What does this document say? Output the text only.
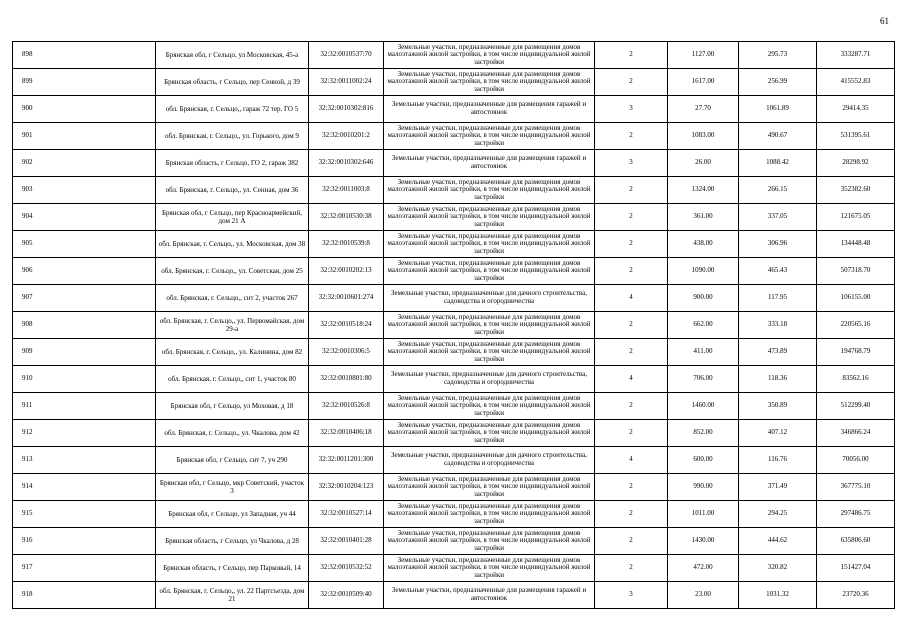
61
898	Брянская обл, г Сельцо, ул Московская, 45-а	32:32:0010537:70	Земельные участки, предназначенные для размещения домов малоэтажной жилой застройки, в том числе индивидуальной жилой застройки	2	1127.00	295.73	333287.71
899	Брянская область, г Сельцо, пер Сенной, д 39	32:32:0011002:24	Земельные участки, предназначенные для размещения домов малоэтажной жилой застройки, в том числе индивидуальной жилой застройки	2	1617.00	256.99	415552.83
900	обл. Брянская, г. Сельцо,, гараж 72 тер. ГО 5	32:32:0010302:816	Земельные участки, предназначенные для размещения гаражей и автостоянок	3	27.70	1061.89	29414.35
901	обл. Брянская, г. Сельцо,, ул. Горького, дом 9	32:32:0010201:2	Земельные участки, предназначенные для размещения домов малоэтажной жилой застройки, в том числе индивидуальной жилой застройки	2	1083.00	490.67	531395.61
902	Брянская область, г Сельцо, ГО 2, гараж 382	32:32:0010302:646	Земельные участки, предназначенные для размещения гаражей и автостоянок	3	26.00	1088.42	28298.92
903	обл. Брянская, г. Сельцо,, ул. Сенная, дом 36	32:32:0011003:8	Земельные участки, предназначенные для размещения домов малоэтажной жилой застройки, в том числе индивидуальной жилой застройки	2	1324.00	266.15	352382.60
904	Брянская обл, г Сельцо, пер Красноармейский, дом 21 А	32:32:0010530:38	Земельные участки, предназначенные для размещения домов малоэтажной жилой застройки, в том числе индивидуальной жилой застройки	2	361.00	337.05	121675.05
905	обл. Брянская, г. Сельцо,, ул. Московская, дом 38	32:32:0010539:8	Земельные участки, предназначенные для размещения домов малоэтажной жилой застройки, в том числе индивидуальной жилой застройки	2	438.00	306.96	134448.48
906	обл. Брянская, г. Сельцо,, ул. Советская, дом 25	32:32:0010202:13	Земельные участки, предназначенные для размещения домов малоэтажной жилой застройки, в том числе индивидуальной жилой застройки	2	1090.00	465.43	507318.70
907	обл. Брянская, г. Сельцо,, снт 2, участок 267	32:32:0010601:274	Земельные участки, предназначенные для дачного строительства, садоводства и огородничества	4	900.00	117.95	106155.00
908	обл. Брянская, г. Сельцо,, ул. Первомайская, дом 29-а	32:32:0010518:24	Земельные участки, предназначенные для размещения домов малоэтажной жилой застройки, в том числе индивидуальной жилой застройки	2	662.00	333.18	220565.16
909	обл. Брянская, г. Сельцо,, ул. Калинина, дом 82	32:32:0010306:5	Земельные участки, предназначенные для размещения домов малоэтажной жилой застройки, в том числе индивидуальной жилой застройки	2	411.00	473.89	194768.79
910	обл. Брянская, г. Сельцо,, снт 1, участок 80	32:32:0010801:80	Земельные участки, предназначенные для дачного строительства, садоводства и огородничества	4	706.00	118.36	83562.16
911	Брянская обл, г Сельцо, ул Моховая, д 18	32:32:0010526:8	Земельные участки, предназначенные для размещения домов малоэтажной жилой застройки, в том числе индивидуальной жилой застройки	2	1460.00	350.89	512299.40
912	обл. Брянская, г. Сельцо,, ул. Чкалова, дом 42	32:32:0010406:18	Земельные участки, предназначенные для размещения домов малоэтажной жилой застройки, в том числе индивидуальной жилой застройки	2	852.00	407.12	346866.24
913	Брянская обл, г Сельцо, снт 7, уч 290	32:32:0011201:300	Земельные участки, предназначенные для дачного строительства, садоводства и огородничества	4	600.00	116.76	70056.00
914	Брянская обл, г Сельцо, мкр Советский, участок 3	32:32:0010204:123	Земельные участки, предназначенные для размещения домов малоэтажной жилой застройки, в том числе индивидуальной жилой застройки	2	990.00	371.49	367775.10
915	Брянская обл, г Сельцо, ул Западная, уч 44	32:32:0010527:14	Земельные участки, предназначенные для размещения домов малоэтажной жилой застройки, в том числе индивидуальной жилой застройки	2	1011.00	294.25	297486.75
916	Брянская область, г Сельцо, ул Чкалова, д 28	32:32:0010401:28	Земельные участки, предназначенные для размещения домов малоэтажной жилой застройки, в том числе индивидуальной жилой застройки	2	1430.00	444.62	635806.60
917	Брянская область, г Сельцо, пер Парковый, 14	32:32:0010532:52	Земельные участки, предназначенные для размещения домов малоэтажной жилой застройки, в том числе индивидуальной жилой застройки	2	472.00	320.82	151427.04
918	обл. Брянская, г. Сельцо,, ул. 22 Партсъезда, дом 21	32:32:0010509:40	Земельные участки, предназначенные для размещения гаражей и автостоянок	3	23.00	1031.32	23720.36
